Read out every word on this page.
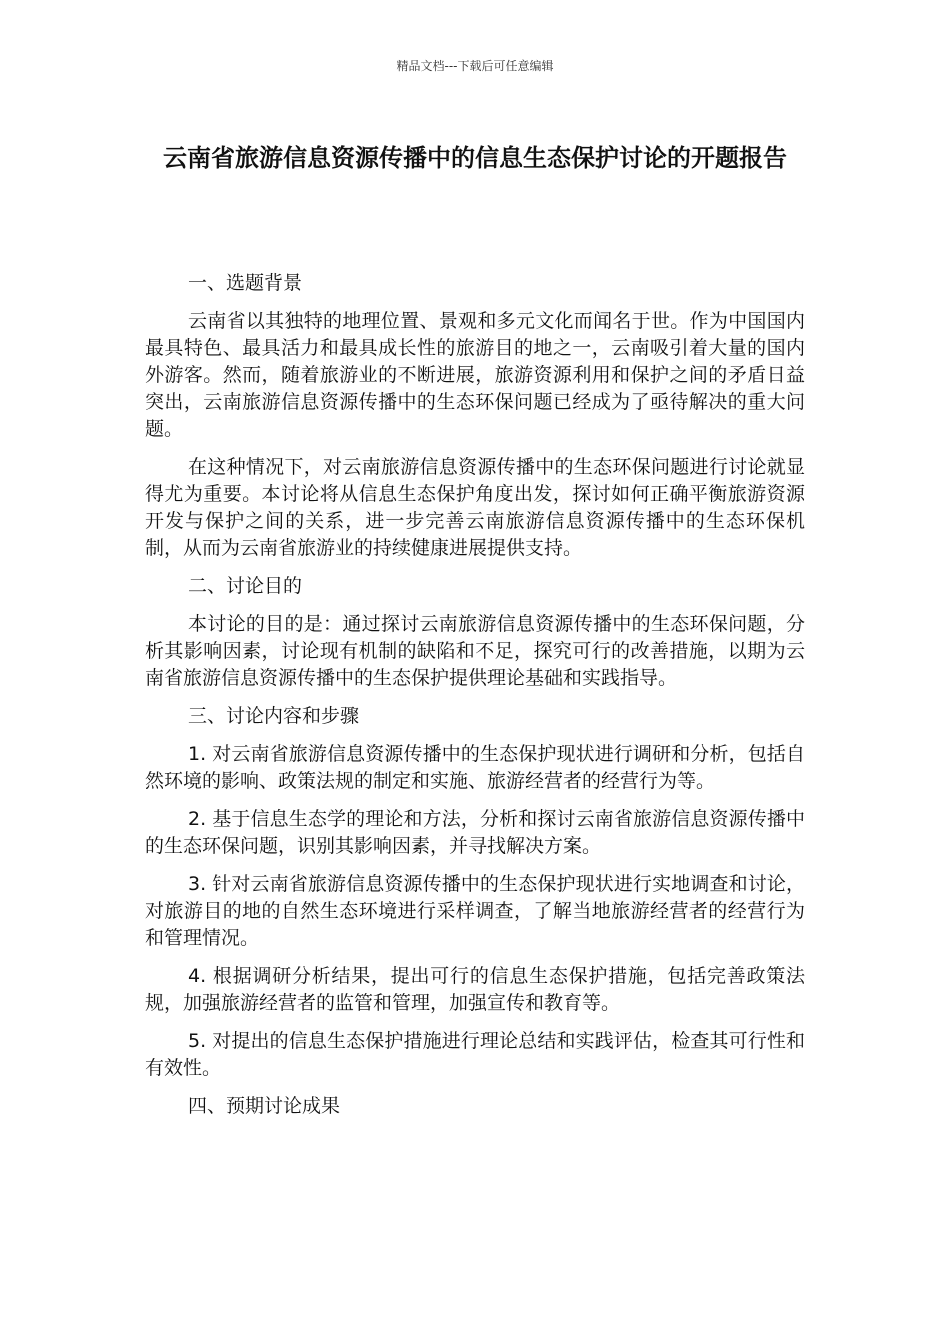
精品文档---下载后可任意编辑
云南省旅游信息资源传播中的信息生态保护讨论的开题报告

一、选题背景

云南省以其独特的地理位置、景观和多元文化而闻名于世。作为中国国内最具特色、最具活力和最具成长性的旅游目的地之一，云南吸引着大量的国内外游客。然而，随着旅游业的不断进展，旅游资源利用和保护之间的矛盾日益突出，云南旅游信息资源传播中的生态环保问题已经成为了亟待解决的重大问题。

在这种情况下，对云南旅游信息资源传播中的生态环保问题进行讨论就显得尤为重要。本讨论将从信息生态保护角度出发，探讨如何正确平衡旅游资源开发与保护之间的关系，进一步完善云南旅游信息资源传播中的生态环保机制，从而为云南省旅游业的持续健康进展提供支持。

二、讨论目的

本讨论的目的是：通过探讨云南旅游信息资源传播中的生态环保问题，分析其影响因素，讨论现有机制的缺陷和不足，探究可行的改善措施，以期为云南省旅游信息资源传播中的生态保护提供理论基础和实践指导。

三、讨论内容和步骤

1. 对云南省旅游信息资源传播中的生态保护现状进行调研和分析，包括自然环境的影响、政策法规的制定和实施、旅游经营者的经营行为等。

2. 基于信息生态学的理论和方法，分析和探讨云南省旅游信息资源传播中的生态环保问题，识别其影响因素，并寻找解决方案。

3. 针对云南省旅游信息资源传播中的生态保护现状进行实地调查和讨论，对旅游目的地的自然生态环境进行采样调查，了解当地旅游经营者的经营行为和管理情况。

4. 根据调研分析结果，提出可行的信息生态保护措施，包括完善政策法规，加强旅游经营者的监管和管理，加强宣传和教育等。

5. 对提出的信息生态保护措施进行理论总结和实践评估，检查其可行性和有效性。

四、预期讨论成果
